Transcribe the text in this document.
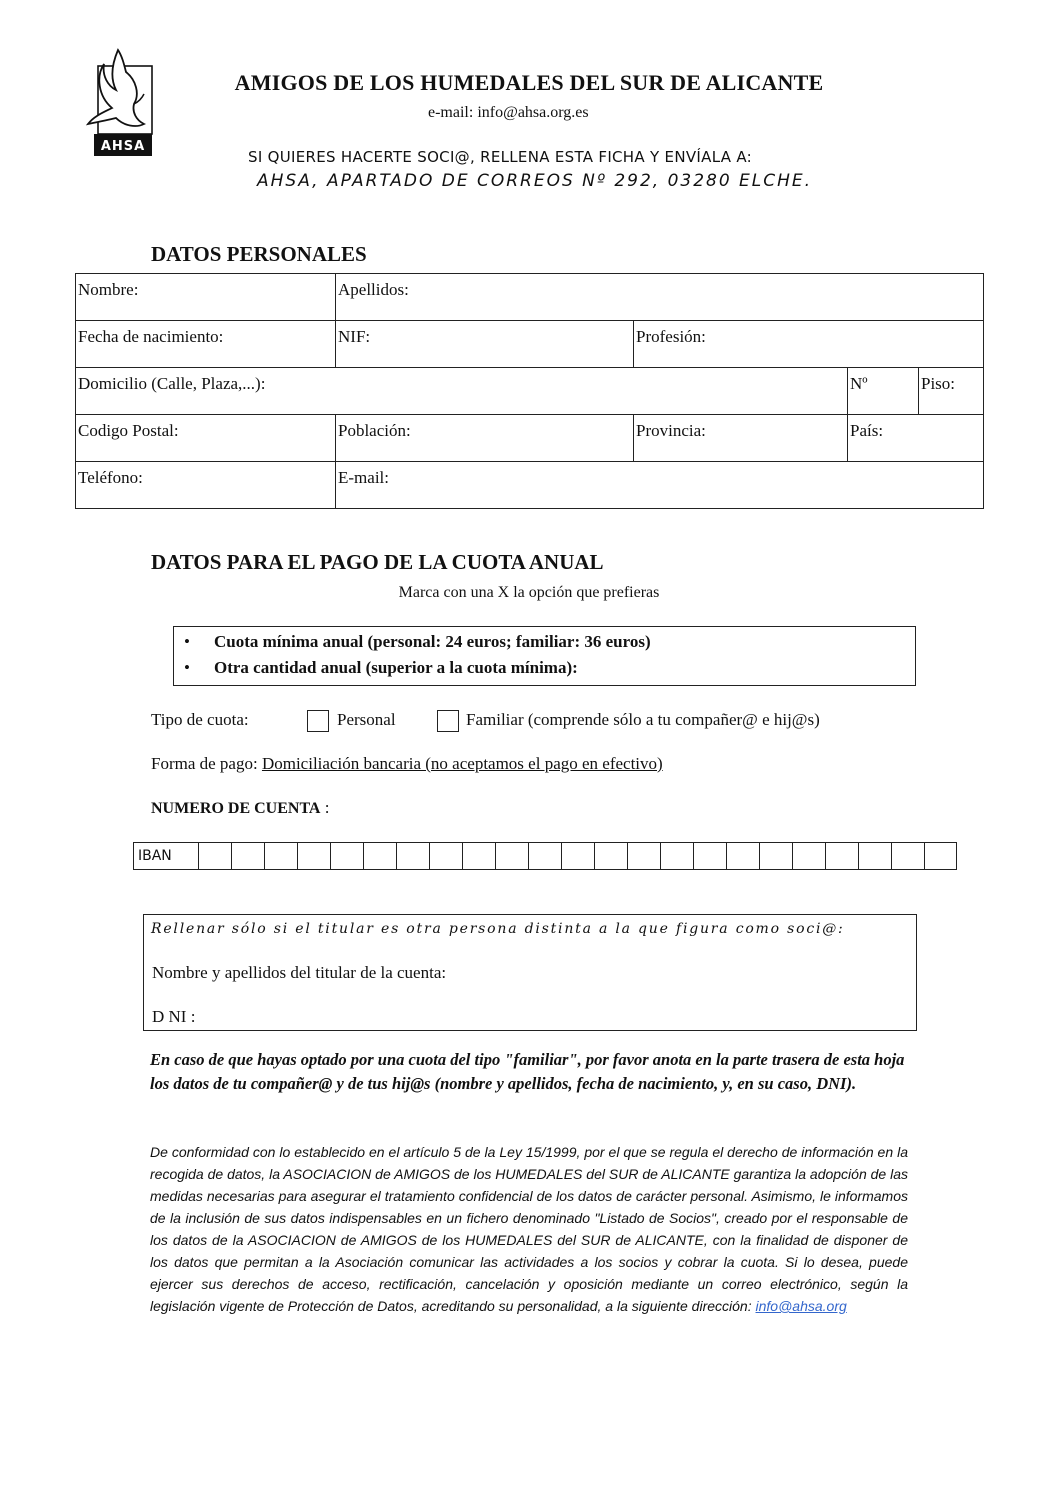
AHSA
AMIGOS DE LOS HUMEDALES DEL SUR DE ALICANTE
e-mail: info@ahsa.org.es
SI QUIERES HACERTE SOCI@, RELLENA ESTA FICHA Y ENVÍALA A:
AHSA, APARTADO DE CORREOS Nº 292, 03280 ELCHE.
DATOS PERSONALES
Nombre:	Apellidos:			
Fecha de nacimiento:	NIF:	Profesión:		
Domicilio (Calle, Plaza,...):			Nº	Piso:
Codigo Postal:	Población:	Provincia:	País:	
Teléfono:	E-mail:			
DATOS PARA EL PAGO DE LA CUOTA ANUAL
Marca con una X la opción que prefieras
• Cuota mínima anual (personal: 24 euros; familiar: 36 euros)
• Otra cantidad anual (superior a la cuota mínima):
Tipo de cuota:	Personal	Familiar (comprende sólo a tu compañer@ e hij@s)
Forma de pago: Domiciliación bancaria (no aceptamos el pago en efectivo)
NUMERO DE CUENTA :
IBAN																							
Rellenar sólo si el titular es otra persona distinta a la que figura como soci@:
Nombre y apellidos del titular de la cuenta:
D NI :
En caso de que hayas optado por una cuota del tipo "familiar", por favor anota en la parte trasera de esta hoja los datos de tu compañer@ y de tus hij@s (nombre y apellidos, fecha de nacimiento, y, en su caso, DNI).
De conformidad con lo establecido en el artículo 5 de la Ley 15/1999, por el que se regula el derecho de información en la recogida de datos, la ASOCIACION de AMIGOS de los HUMEDALES del SUR de ALICANTE garantiza la adopción de las medidas necesarias para asegurar el tratamiento confidencial de los datos de carácter personal. Asimismo, le informamos de la inclusión de sus datos indispensables en un fichero denominado "Listado de Socios", creado por el responsable de los datos de la ASOCIACION de AMIGOS de los HUMEDALES del SUR de ALICANTE, con la finalidad de disponer de los datos que permitan a la Asociación comunicar las actividades a los socios y cobrar la cuota. Si lo desea, puede ejercer sus derechos de acceso, rectificación, cancelación y oposición mediante un correo electrónico, según la legislación vigente de Protección de Datos, acreditando su personalidad, a la siguiente dirección: info@ahsa.org
